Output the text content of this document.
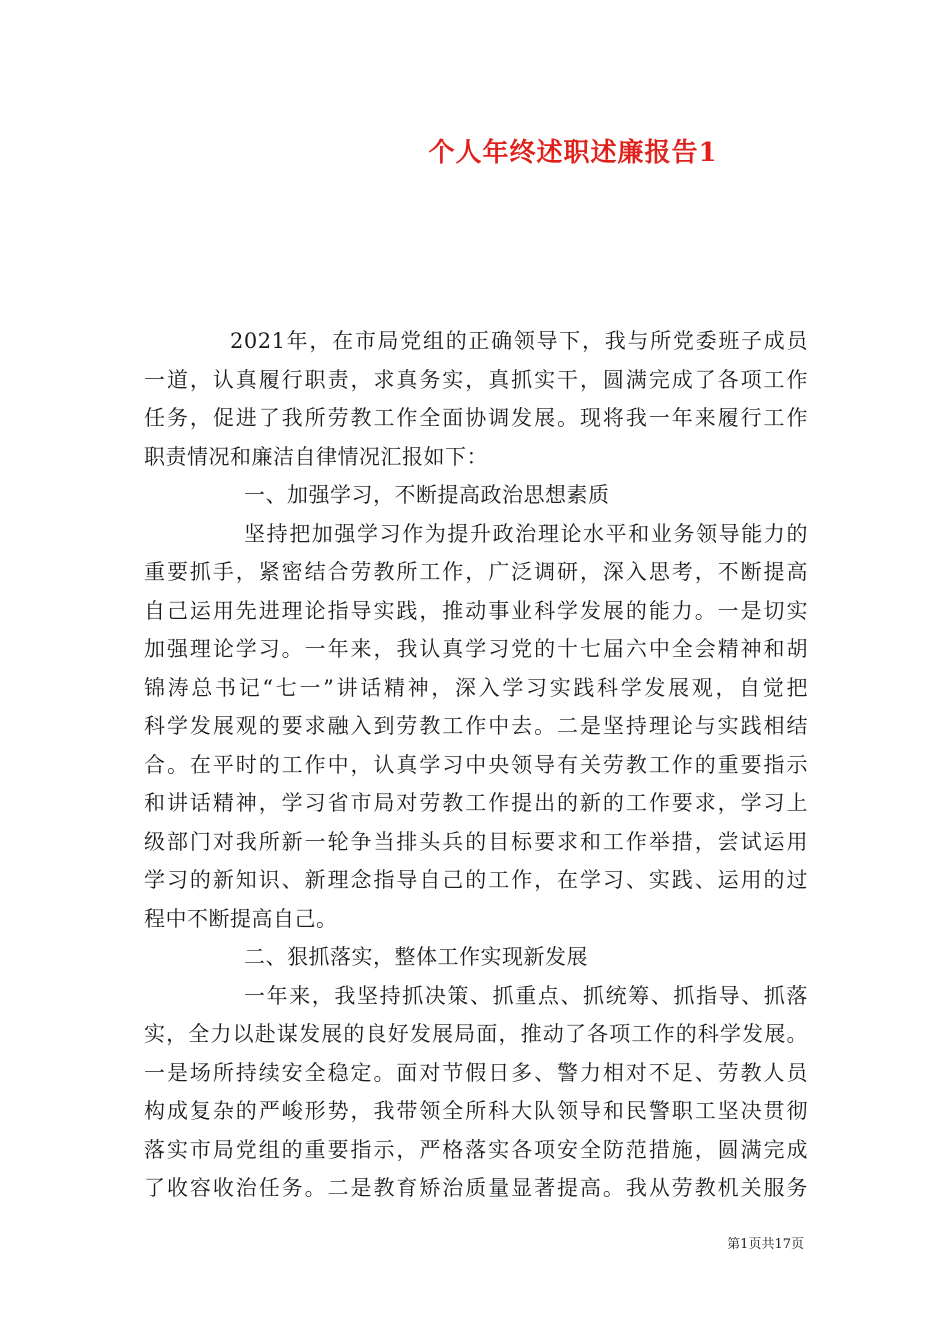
个人年终述职述廉报告1
2021年，在市局党组的正确领导下，我与所党委班子成员
一道，认真履行职责，求真务实，真抓实干，圆满完成了各项工作
任务，促进了我所劳教工作全面协调发展。现将我一年来履行工作
职责情况和廉洁自律情况汇报如下：
一、加强学习，不断提高政治思想素质
坚持把加强学习作为提升政治理论水平和业务领导能力的
重要抓手，紧密结合劳教所工作，广泛调研，深入思考，不断提高
自己运用先进理论指导实践，推动事业科学发展的能力。一是切实
加强理论学习。一年来，我认真学习党的十七届六中全会精神和胡
锦涛总书记“七一”讲话精神，深入学习实践科学发展观，自觉把
科学发展观的要求融入到劳教工作中去。二是坚持理论与实践相结
合。在平时的工作中，认真学习中央领导有关劳教工作的重要指示
和讲话精神，学习省市局对劳教工作提出的新的工作要求，学习上
级部门对我所新一轮争当排头兵的目标要求和工作举措，尝试运用
学习的新知识、新理念指导自己的工作，在学习、实践、运用的过
程中不断提高自己。
二、狠抓落实，整体工作实现新发展
一年来，我坚持抓决策、抓重点、抓统筹、抓指导、抓落
实，全力以赴谋发展的良好发展局面，推动了各项工作的科学发展。
一是场所持续安全稳定。面对节假日多、警力相对不足、劳教人员
构成复杂的严峻形势，我带领全所科大队领导和民警职工坚决贯彻
落实市局党组的重要指示，严格落实各项安全防范措施，圆满完成
了收容收治任务。二是教育矫治质量显著提高。我从劳教机关服务
第1页共17页
